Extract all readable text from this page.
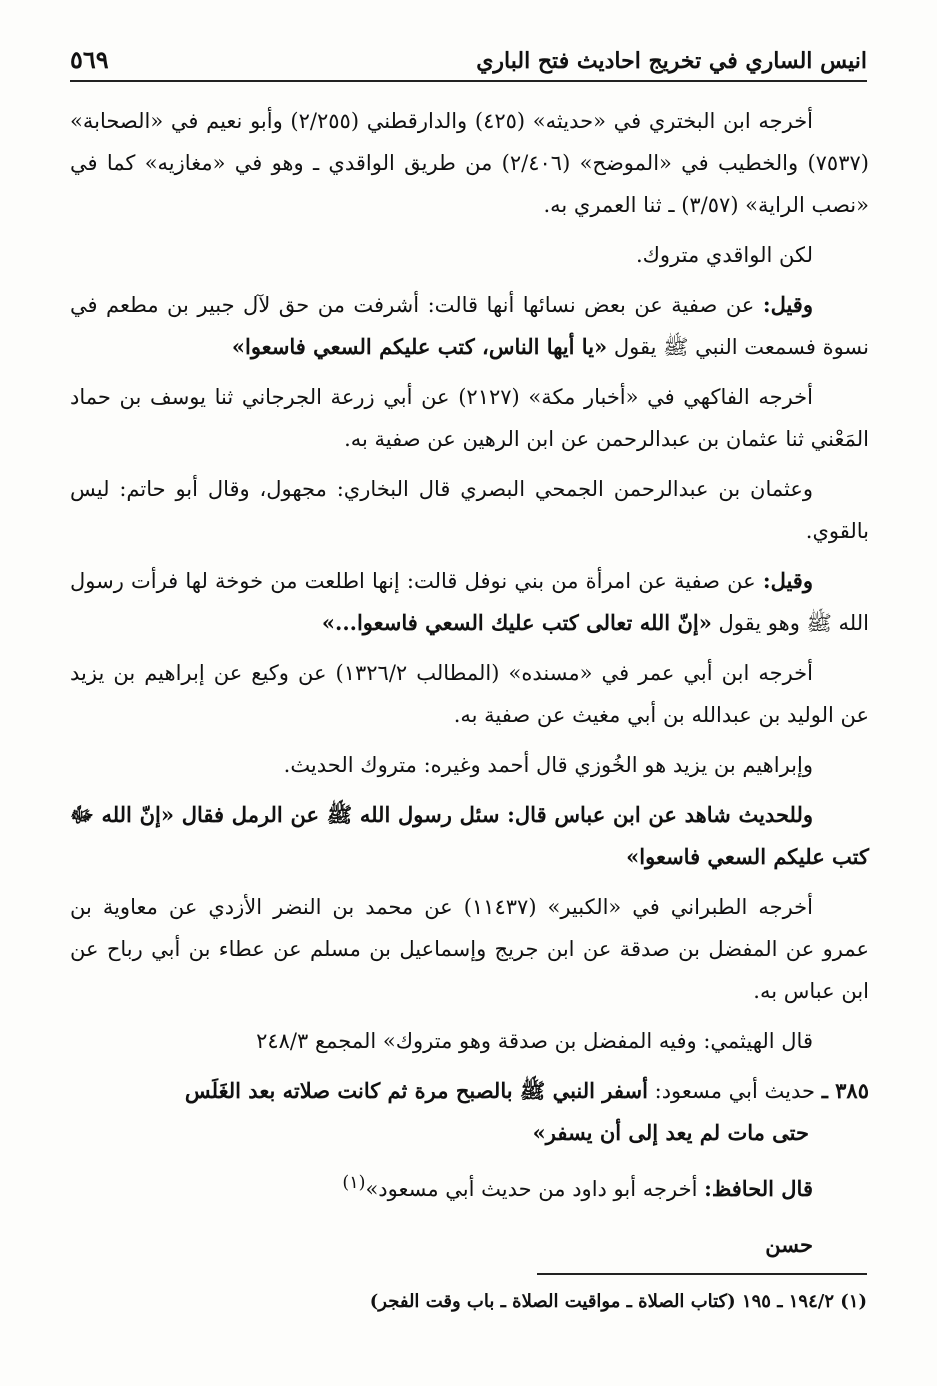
انيس الساري في تخريج احاديث فتح الباري
٥٦٩

أخرجه ابن البختري في «حديثه» (٤٢٥) والدارقطني (٢/٢٥٥) وأبو نعيم في «الصحابة» (٧٥٣٧) والخطيب في «الموضح» (٢/٤٠٦) من طريق الواقدي ـ وهو في «مغازيه» كما في «نصب الراية» (٣/٥٧) ـ ثنا العمري به.

لكن الواقدي متروك.

وقيل: عن صفية عن بعض نسائها أنها قالت: أشرفت من حق لآل جبير بن مطعم في نسوة فسمعت النبي ﷺ يقول «يا أيها الناس، كتب عليكم السعي فاسعوا»

أخرجه الفاكهي في «أخبار مكة» (٢١٢٧) عن أبي زرعة الجرجاني ثنا يوسف بن حماد المَعْني ثنا عثمان بن عبدالرحمن عن ابن الرهين عن صفية به.

وعثمان بن عبدالرحمن الجمحي البصري قال البخاري: مجهول، وقال أبو حاتم: ليس بالقوي.

وقيل: عن صفية عن امرأة من بني نوفل قالت: إنها اطلعت من خوخة لها فرأت رسول الله ﷺ وهو يقول «إنّ الله تعالى كتب عليك السعي فاسعوا...»

أخرجه ابن أبي عمر في «مسنده» (المطالب ١٣٢٦/٢) عن وكيع عن إبراهيم بن يزيد عن الوليد بن عبدالله بن أبي مغيث عن صفية به.

وإبراهيم بن يزيد هو الخُوزي قال أحمد وغيره: متروك الحديث.

وللحديث شاهد عن ابن عباس قال: سئل رسول الله ﷺ عن الرمل فقال «إنّ الله ﷻ كتب عليكم السعي فاسعوا»

أخرجه الطبراني في «الكبير» (١١٤٣٧) عن محمد بن النضر الأزدي عن معاوية بن عمرو عن المفضل بن صدقة عن ابن جريج وإسماعيل بن مسلم عن عطاء بن أبي رباح عن ابن عباس به.

قال الهيثمي: وفيه المفضل بن صدقة وهو متروك» المجمع ٢٤٨/٣

٣٨٥ ـ حديث أبي مسعود: أسفر النبي ﷺ بالصبح مرة ثم كانت صلاته بعد الغَلَس
حتى مات لم يعد إلى أن يسفر»

قال الحافظ: أخرجه أبو داود من حديث أبي مسعود»$^{(١)}$

حسن

(١) ١٩٤/٢ ـ ١٩٥ (كتاب الصلاة ـ مواقيت الصلاة ـ باب وقت الفجر)
